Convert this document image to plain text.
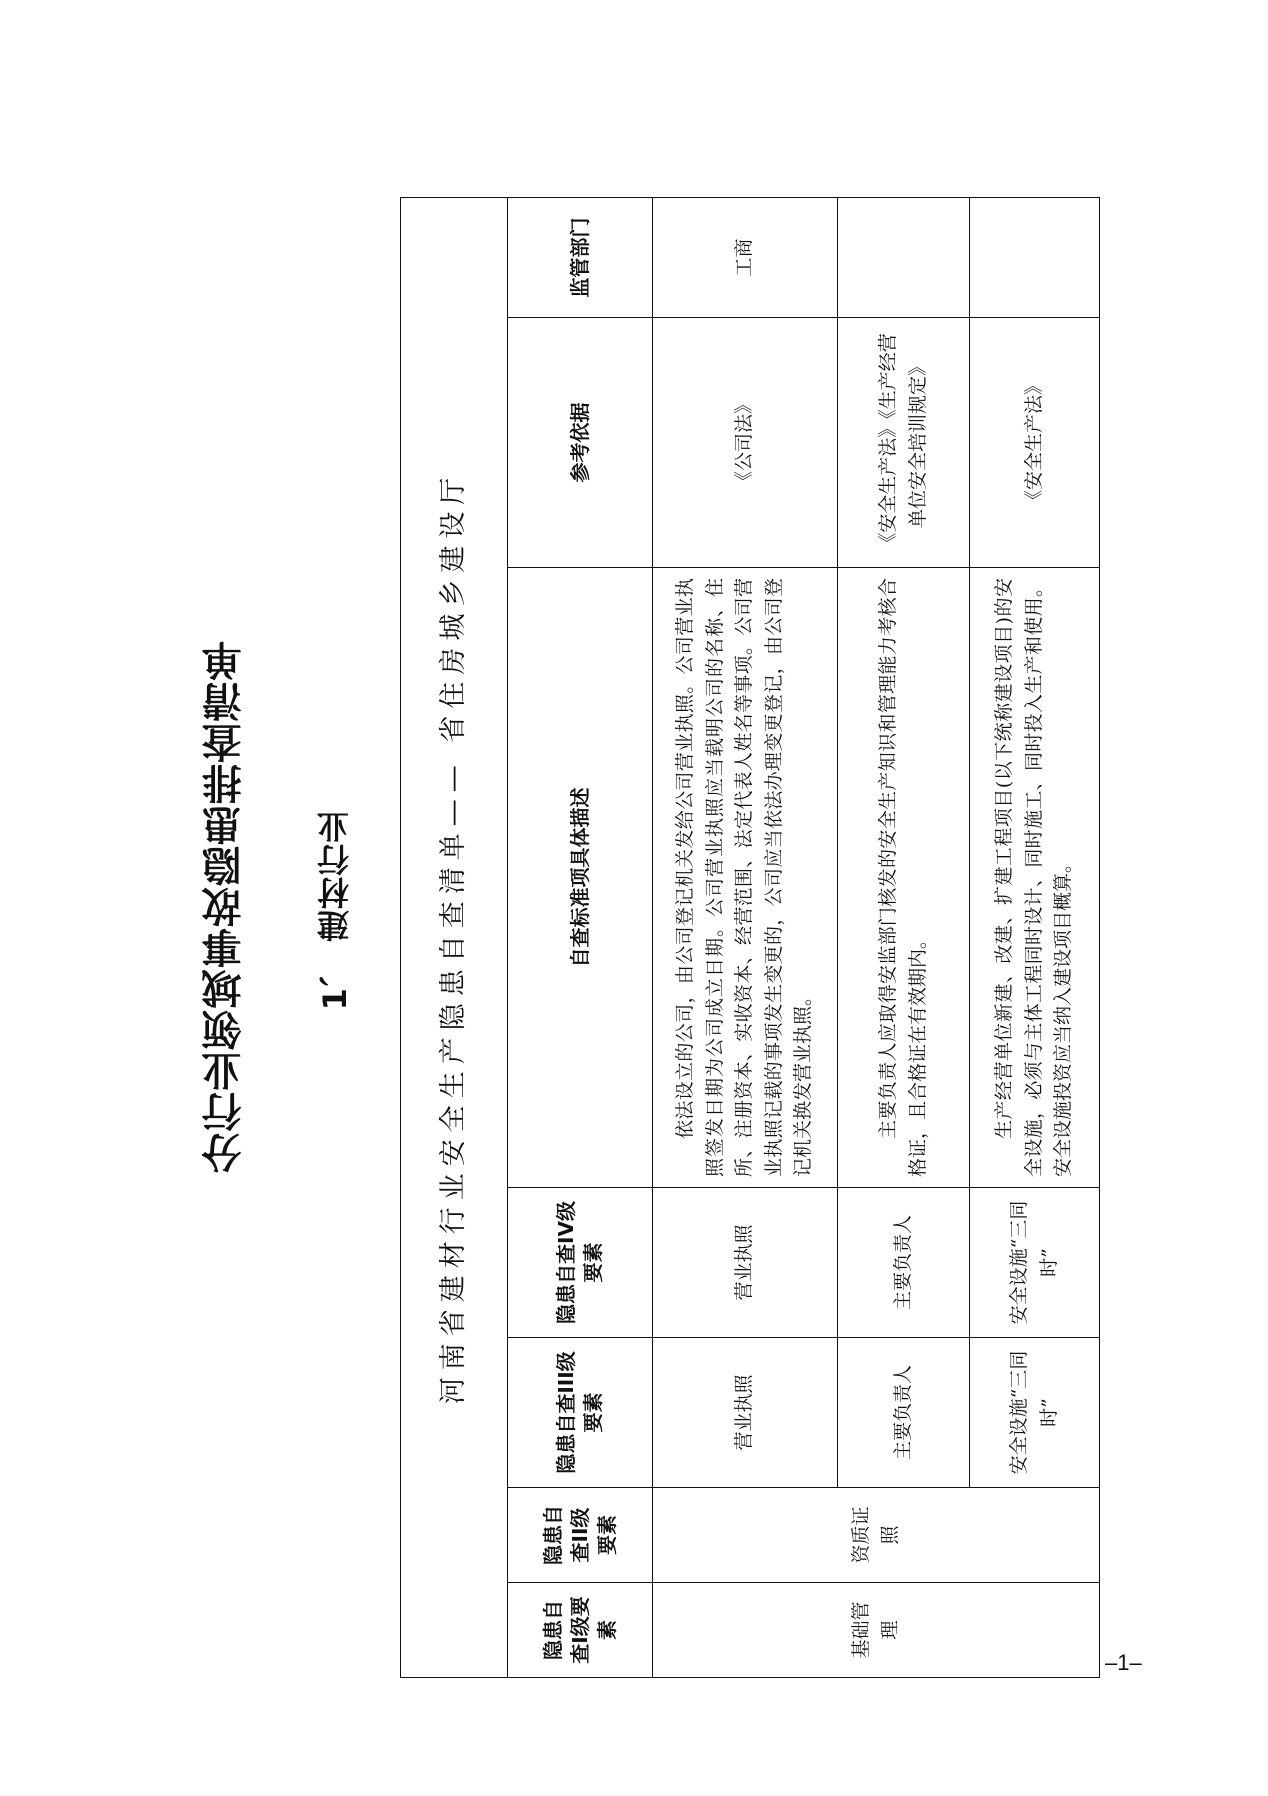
分行业领域事故隐患排查清单 1、 建材行业	河南省建材行业安全生产隐患自查清单—— 省住房城乡建设厅						
隐患自查I级要素	隐患自查II级要素	隐患自查III级要素	隐患自查IV级要素	自查标准项具体描述	参考依据	监管部门
基础管理	资质证照	营业执照	营业执照	依法设立的公司，由公司登记机关发给公司营业执照。公司营业执照签发日期为公司成立日期。公司营业执照应当载明公司的名称、住所、注册资本、实收资本、经营范围、法定代表人姓名等事项。公司营业执照记载的事项发生变更的，公司应当依法办理变更登记，由公司登记机关换发营业执照。	《公司法》	工商
		主要负责人	主要负责人	主要负责人应取得安监部门核发的安全生产知识和管理能力考核合格证，且合格证在有效期内。	《安全生产法》《生产经营单位安全培训规定》	
		安全设施“三同时”	安全设施“三同时”	生产经营单位新建、改建、扩建工程项目(以下统称建设项目)的安全设施，必须与主体工程同时设计、同时施工、同时投入生产和使用。安全设施投资应当纳入建设项目概算。	《安全生产法》	
–1–
